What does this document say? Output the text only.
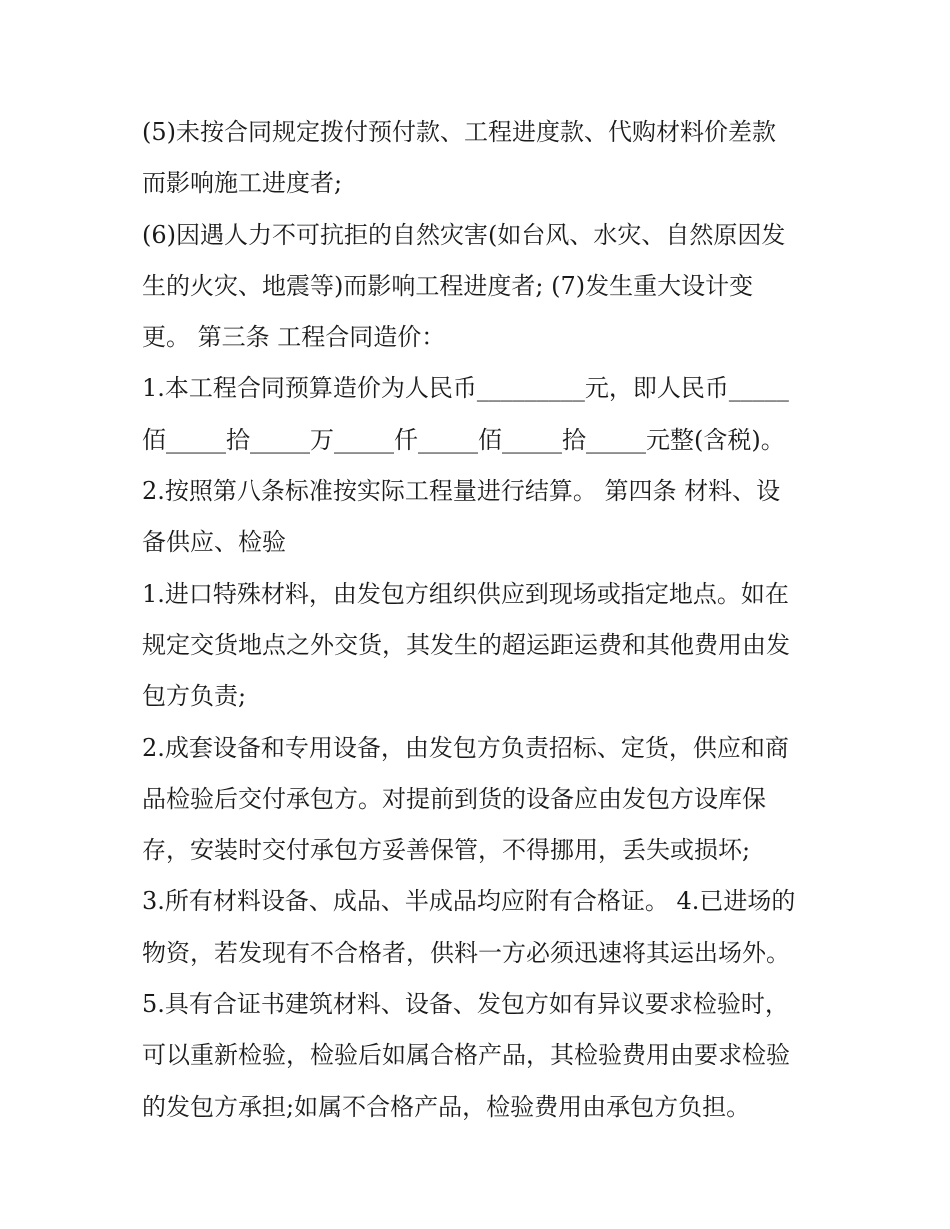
(5)未按合同规定拨付预付款、工程进度款、代购材料价差款
而影响施工进度者;
(6)因遇人力不可抗拒的自然灾害(如台风、水灾、自然原因发
生的火灾、地震等)而影响工程进度者; (7)发生重大设计变
更。 第三条 工程合同造价：
1.本工程合同预算造价为人民币_________元，即人民币_____
佰_____拾_____万_____仟_____佰_____拾_____元整(含税)。
2.按照第八条标准按实际工程量进行结算。 第四条 材料、设
备供应、检验
1.进口特殊材料，由发包方组织供应到现场或指定地点。如在
规定交货地点之外交货，其发生的超运距运费和其他费用由发
包方负责;
2.成套设备和专用设备，由发包方负责招标、定货，供应和商
品检验后交付承包方。对提前到货的设备应由发包方设库保
存，安装时交付承包方妥善保管，不得挪用，丢失或损坏;
3.所有材料设备、成品、半成品均应附有合格证。 4.已进场的
物资，若发现有不合格者，供料一方必须迅速将其运出场外。
5.具有合证书建筑材料、设备、发包方如有异议要求检验时，
可以重新检验，检验后如属合格产品，其检验费用由要求检验
的发包方承担;如属不合格产品，检验费用由承包方负担。
